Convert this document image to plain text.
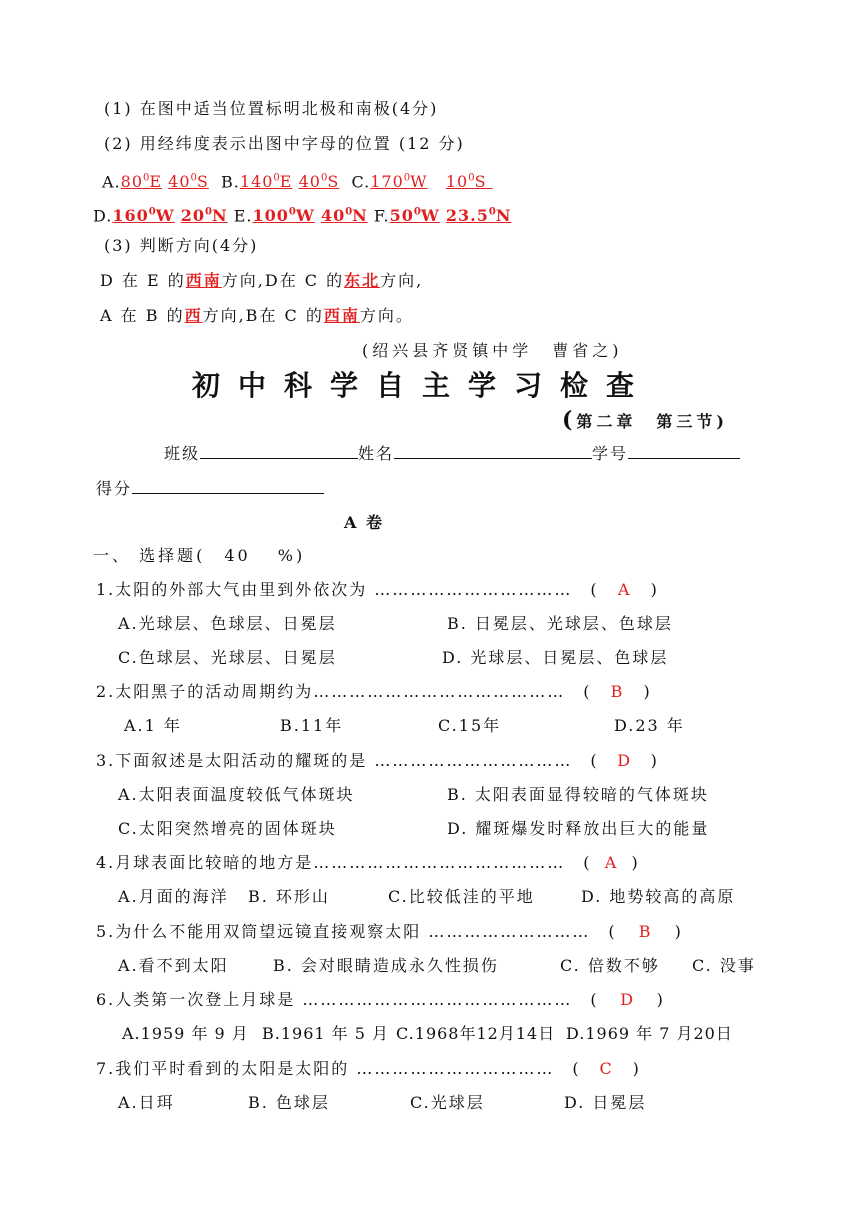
(1) 在图中适当位置标明北极和南极(4分)
(2) 用经纬度表示出图中字母的位置 (12 分)
$A.80^0E$ $40^0S$ B.140$^0$E $40^0S$ C.170$^0$W $10^0S$
D.160$^0$W $20^0N$ E.100$^0$W $40^0N$ $F.50^0W$ 23.5$^0$N
(3) 判断方向(4分)
D 在 E 的西南方向,D在 C 的东北方向,
A 在 B 的西方向,B在 C 的西南方向。
(绍兴县齐贤镇中学　曹省之)
初中科学自主学习检查
(第二章　第三节)
班级	姓名	学号
得分
A 卷
一、 选择题(　40　 %)
1.太阳的外部大气由里到外依次为 ……………………………　( A )
A.光球层、色球层、日冕层	B. 日冕层、光球层、色球层
C.色球层、光球层、日冕层	D. 光球层、日冕层、色球层
2.太阳黑子的活动周期约为……………………………………　( B )
A.1 年	B.11年	C.15年	D.23 年
3.下面叙述是太阳活动的耀斑的是 ……………………………　( D )
A.太阳表面温度较低气体斑块	B. 太阳表面显得较暗的气体斑块
C.太阳突然增亮的固体斑块	D. 耀斑爆发时释放出巨大的能量
4.月球表面比较暗的地方是……………………………………　( A )
A.月面的海洋 B. 环形山	C.比较低洼的平地	D. 地势较高的高原
5.为什么不能用双筒望远镜直接观察太阳 ………………………　( B )
A.看不到太阳	B. 会对眼睛造成永久性损伤	C. 倍数不够 C. 没事
6.人类第一次登上月球是 ………………………………………　( D )
A.1959 年 9 月 B.1961 年 5 月 C.1968年12月14日 D.1969 年 7 月20日
7.我们平时看到的太阳是太阳的 ……………………………　( C )
A.日珥	B. 色球层	C.光球层	D. 日冕层
